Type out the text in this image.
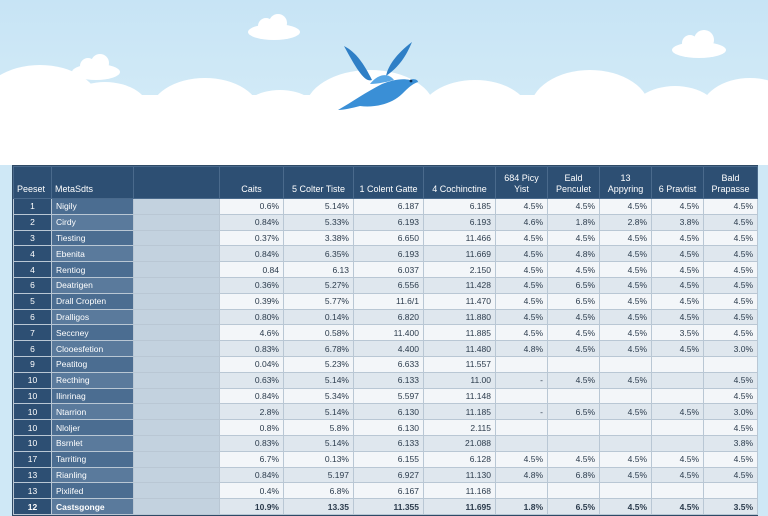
Peeset	MetaSdts		Caits	5 Colter Tiste	1 Colent Gatte	4 Cochinctine	684 Picy Yist	Eald Penculet	13 Appyring	6 Pravtist	Bald Prapasse
1	Nigily		0.6%	5.14%	6.187	6.185	4.5%	4.5%	4.5%	4.5%	4.5%
2	Cirdy		0.84%	5.33%	6.193	6.193	4.6%	1.8%	2.8%	3.8%	4.5%
3	Tiesting		0.37%	3.38%	6.650	11.466	4.5%	4.5%	4.5%	4.5%	4.5%
4	Ebenita		0.84%	6.35%	6.193	11.669	4.5%	4.8%	4.5%	4.5%	4.5%
4	Rentiog		0.84	6.13	6.037	2.150	4.5%	4.5%	4.5%	4.5%	4.5%
6	Deatrigen		0.36%	5.27%	6.556	11.428	4.5%	6.5%	4.5%	4.5%	4.5%
5	Drall Cropten		0.39%	5.77%	11.6/1	11.470	4.5%	6.5%	4.5%	4.5%	4.5%
6	Dralligos		0.80%	0.14%	6.820	11.880	4.5%	4.5%	4.5%	4.5%	4.5%
7	Seccney		4.6%	0.58%	11.400	11.885	4.5%	4.5%	4.5%	3.5%	4.5%
6	Clooesfetion		0.83%	6.78%	4.400	11.480	4.8%	4.5%	4.5%	4.5%	3.0%
9	Peatitog		0.04%	5.23%	6.633	11.557					
10	Recthing		0.63%	5.14%	6.133	11.00	-	4.5%	4.5%		4.5%
10	Ilinrinag		0.84%	5.34%	5.597	11.148					4.5%
10	Ntarrion		2.8%	5.14%	6.130	11.185	-	6.5%	4.5%	4.5%	3.0%
10	Nloljer		0.8%	5.8%	6.130	2.115					4.5%
10	Bsrnlet		0.83%	5.14%	6.133	21.088					3.8%
17	Tarriting		6.7%	0.13%	6.155	6.128	4.5%	4.5%	4.5%	4.5%	4.5%
13	Rianling		0.84%	5.197	6.927	11.130	4.8%	6.8%	4.5%	4.5%	4.5%
13	Pixlifed		0.4%	6.8%	6.167	11.168					
12	Castsgonge		10.9%	13.35	11.355	11.695	1.8%	6.5%	4.5%	4.5%	3.5%
